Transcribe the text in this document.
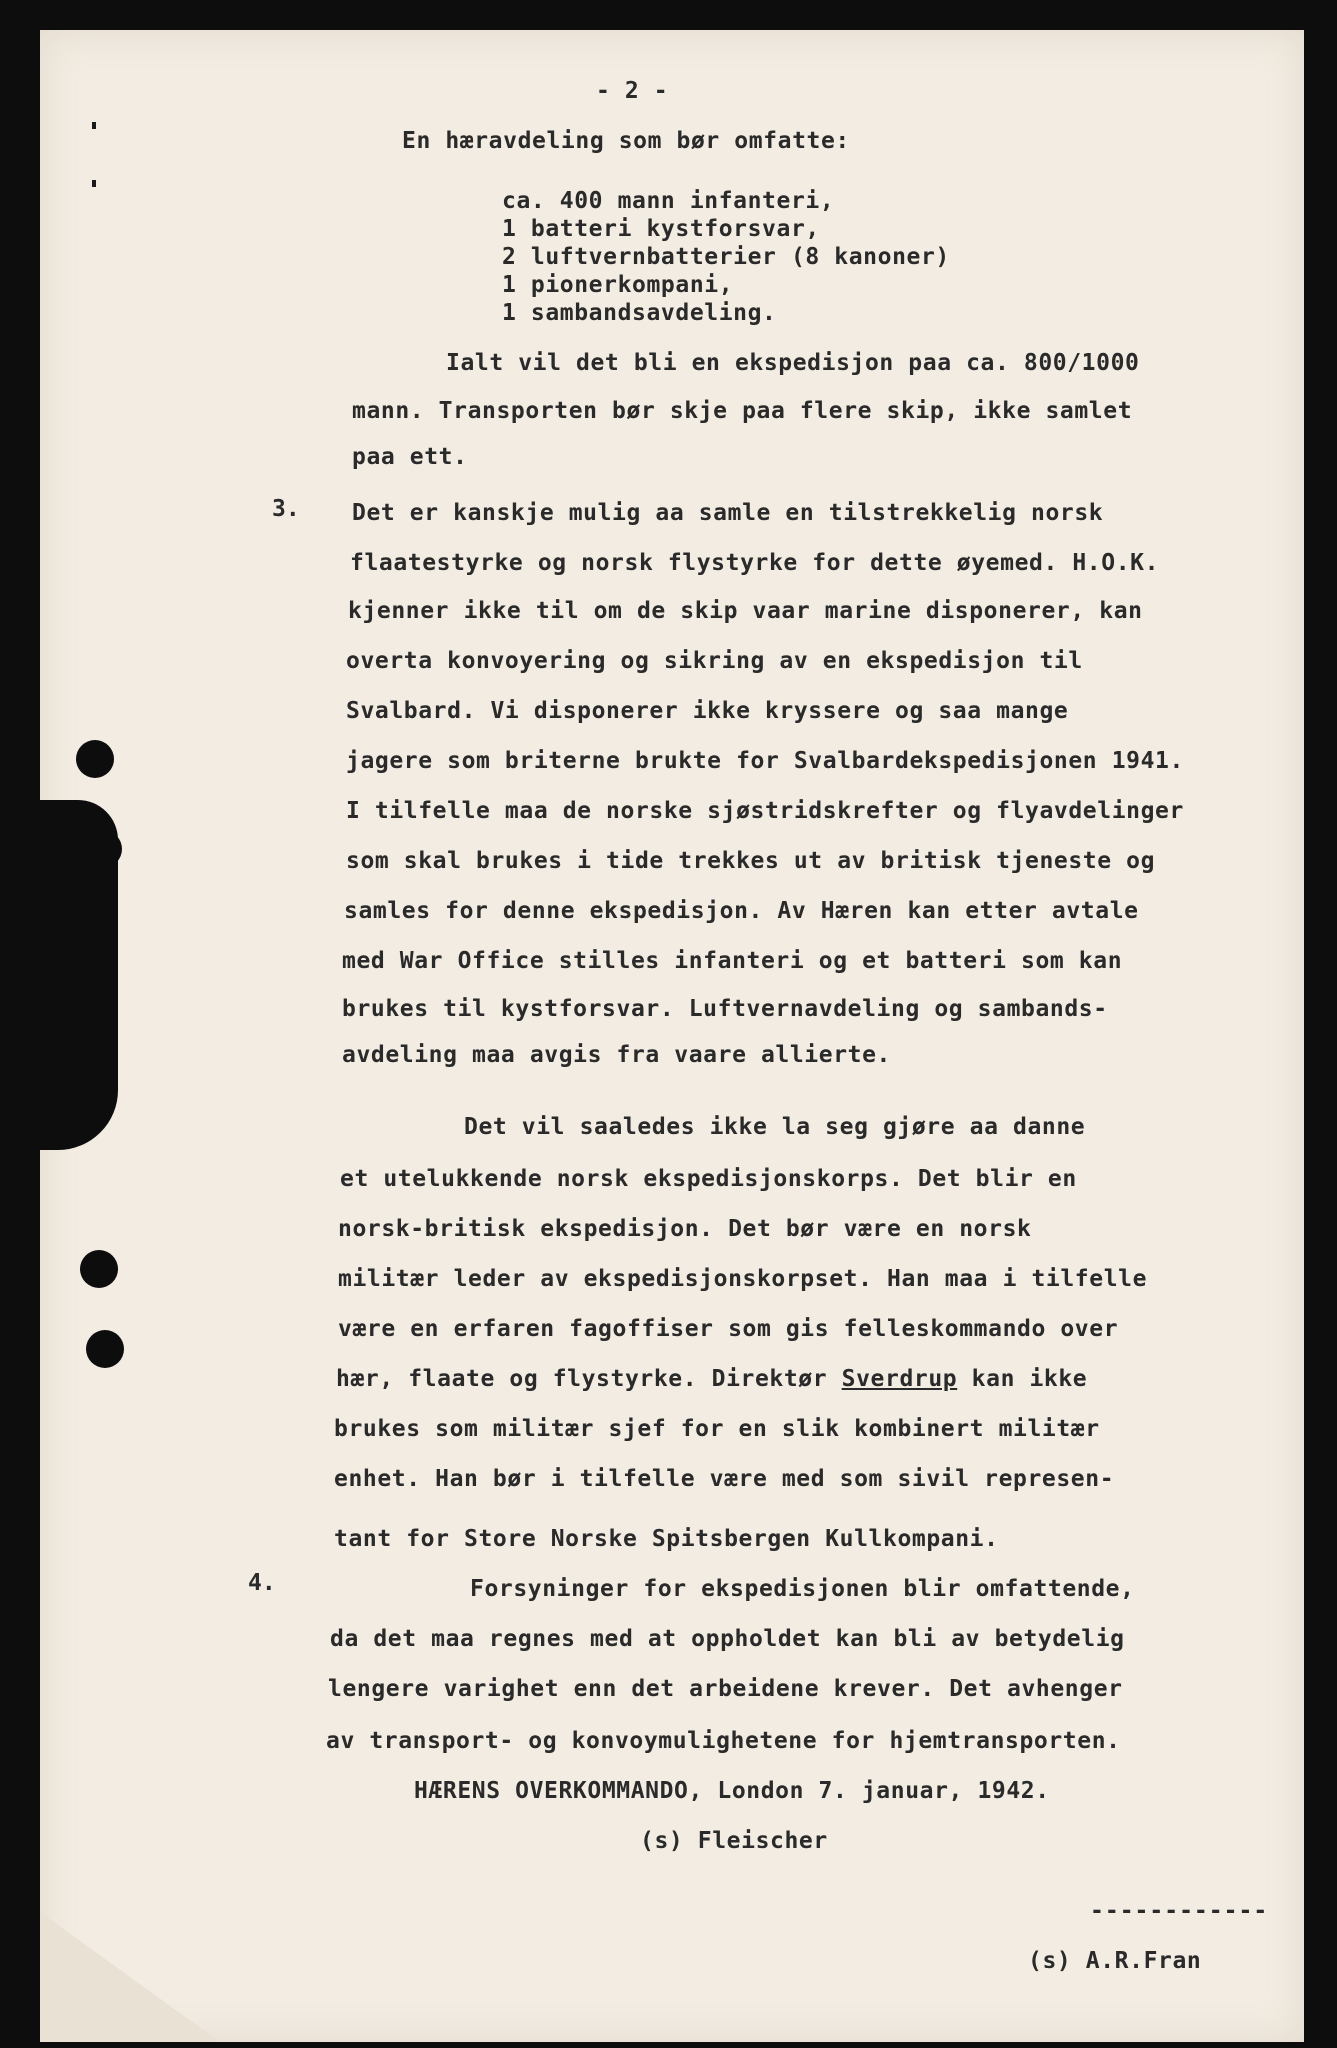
- 2 -
En hæravdeling som bør omfatte:
ca. 400 mann infanteri,
1 batteri kystforsvar,
2 luftvernbatterier (8 kanoner)
1 pionerkompani,
1 sambandsavdeling.
Ialt vil det bli en ekspedisjon paa ca. 800/1000
mann. Transporten bør skje paa flere skip, ikke samlet
paa ett.
3. Det er kanskje mulig aa samle en tilstrekkelig norsk
flaatestyrke og norsk flystyrke for dette øyemed. H.O.K.
kjenner ikke til om de skip vaar marine disponerer, kan
overta konvoyering og sikring av en ekspedisjon til
Svalbard. Vi disponerer ikke kryssere og saa mange
jagere som briterne brukte for Svalbardekspedisjonen 1941.
I tilfelle maa de norske sjøstridskrefter og flyavdelinger
som skal brukes i tide trekkes ut av britisk tjeneste og
samles for denne ekspedisjon. Av Hæren kan etter avtale
med War Office stilles infanteri og et batteri som kan
brukes til kystforsvar. Luftvernavdeling og sambands-
avdeling maa avgis fra vaare allierte.
Det vil saaledes ikke la seg gjøre aa danne
et utelukkende norsk ekspedisjonskorps. Det blir en
norsk-britisk ekspedisjon. Det bør være en norsk
militær leder av ekspedisjonskorpset. Han maa i tilfelle
være en erfaren fagoffiser som gis felleskommando over
hær, flaate og flystyrke. Direktør Sverdrup kan ikke
brukes som militær sjef for en slik kombinert militær
enhet. Han bør i tilfelle være med som sivil represen-
tant for Store Norske Spitsbergen Kullkompani.
4.	Forsyninger for ekspedisjonen blir omfattende,
da det maa regnes med at oppholdet kan bli av betydelig
lengere varighet enn det arbeidene krever. Det avhenger
av transport- og konvoymulighetene for hjemtransporten.
HÆRENS OVERKOMMANDO, London 7. januar, 1942.
(s) Fleischer
------------
(s) A.R.Fran
